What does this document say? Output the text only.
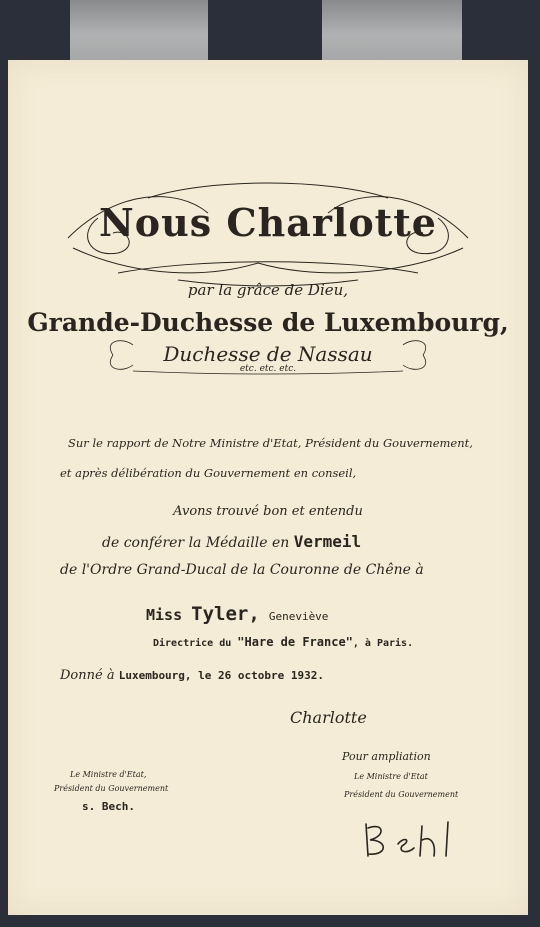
Nous Charlotte
par la grâce de Dieu,
Grande-Duchesse de Luxembourg,
Duchesse de Nassau
etc. etc. etc.
Sur le rapport de Notre Ministre d'Etat, Président du Gouvernement,
et après délibération du Gouvernement en conseil,
Avons trouvé bon et entendu
de conférer la Médaille en Vermeil
de l'Ordre Grand-Ducal de la Couronne de Chêne à
Miss Tyler, Geneviève
Directrice du "Hare de France", à Paris.
Donné à Luxembourg, le 26 octobre 1932.
Charlotte
Pour ampliation
Le Ministre d'Etat
Président du Gouvernement
Le Ministre d'Etat,
Président du Gouvernement
s. Bech.
